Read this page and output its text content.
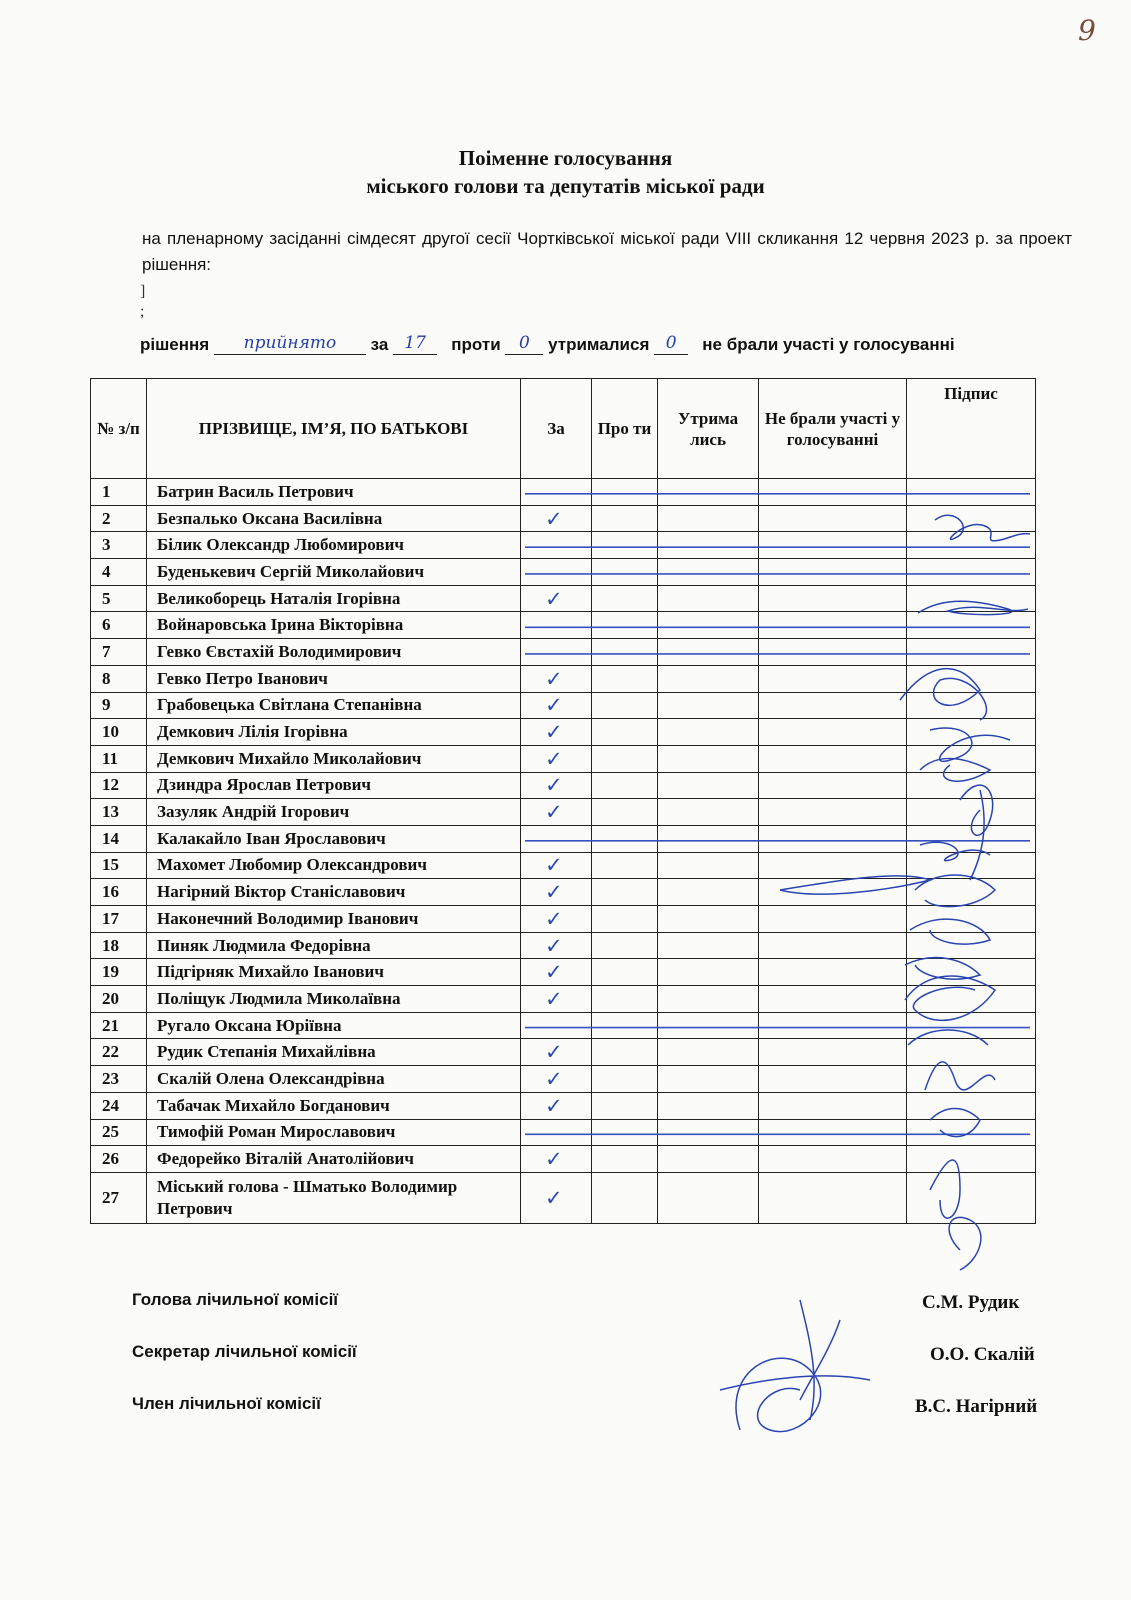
9
Поіменне голосування
міського голови та депутатів міської ради
на пленарному засіданні сімдесят другої сесії Чортківської міської ради VIII скликання 12 червня 2023 р. за проект рішення:
]
;
рішення прийнято за 17 проти 0 утрималися 0 не брали участі у голосуванні
№ з/п	ПРІЗВИЩЕ, ІМ’Я, ПО БАТЬКОВІ	За	Про ти	Утрима лись	Не брали участі у голосуванні	Підпис
1	Батрин Василь Петрович					
2	Безпалько Оксана Василівна	✓				
3	Білик Олександр Любомирович					
4	Буденькевич Сергій Миколайович					
5	Великоборець Наталія Ігорівна	✓				
6	Войнаровська Ірина Вікторівна					
7	Гевко Євстахій Володимирович					
8	Гевко Петро Іванович	✓				
9	Грабовецька Світлана Степанівна	✓				
10	Демкович Лілія Ігорівна	✓				
11	Демкович Михайло Миколайович	✓				
12	Дзиндра Ярослав Петрович	✓				
13	Зазуляк Андрій Ігорович	✓				
14	Калакайло Іван Ярославович					
15	Махомет Любомир Олександрович	✓				
16	Нагірний Віктор Станіславович	✓				
17	Наконечний Володимир Іванович	✓				
18	Пиняк Людмила Федорівна	✓				
19	Підгірняк Михайло Іванович	✓				
20	Поліщук Людмила Миколаївна	✓				
21	Ругало Оксана Юріївна					
22	Рудик Степанія Михайлівна	✓				
23	Скалій Олена Олександрівна	✓				
24	Табачак Михайло Богданович	✓				
25	Тимофій Роман Мирославович					
26	Федорейко Віталій Анатолійович	✓				
27	Міський голова - Шматько Володимир Петрович	✓				
Голова лічильної комісії	С.М. Рудик
Секретар лічильної комісії	О.О. Скалій
Член лічильної комісії	В.С. Нагірний
